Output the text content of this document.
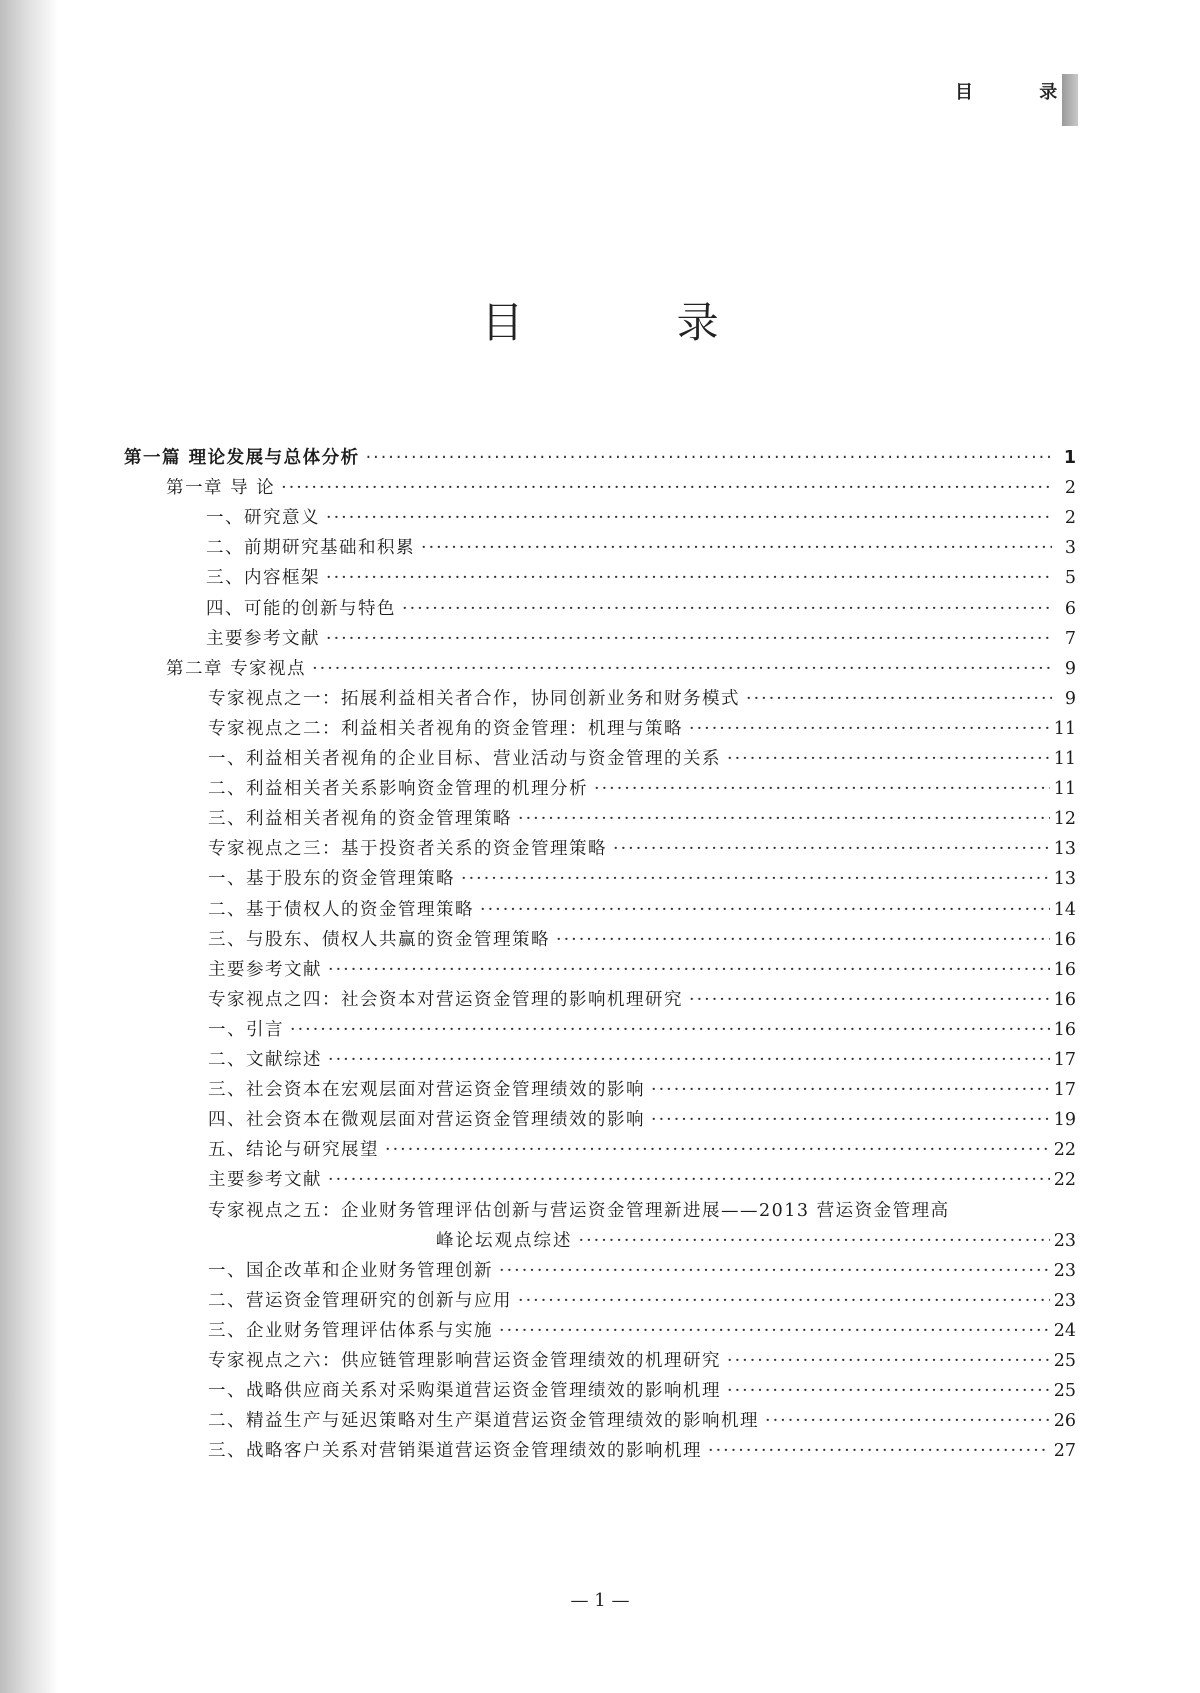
目 录
目 录
第一篇 理论发展与总体分析 ·····	1
第一章 导 论 ·····	2
一、研究意义 ·····	2
二、前期研究基础和积累 ·····	3
三、内容框架 ·····	5
四、可能的创新与特色 ·····	6
主要参考文献 ·····	7
第二章 专家视点 ·····	9
专家视点之一：拓展利益相关者合作，协同创新业务和财务模式 ·····	9
专家视点之二：利益相关者视角的资金管理：机理与策略 ·····	11
一、利益相关者视角的企业目标、营业活动与资金管理的关系 ·····	11
二、利益相关者关系影响资金管理的机理分析 ·····	11
三、利益相关者视角的资金管理策略 ·····	12
专家视点之三：基于投资者关系的资金管理策略 ·····	13
一、基于股东的资金管理策略 ·····	13
二、基于债权人的资金管理策略 ·····	14
三、与股东、债权人共赢的资金管理策略 ·····	16
主要参考文献 ·····	16
专家视点之四：社会资本对营运资金管理的影响机理研究 ·····	16
一、引言 ·····	16
二、文献综述 ·····	17
三、社会资本在宏观层面对营运资金管理绩效的影响 ·····	17
四、社会资本在微观层面对营运资金管理绩效的影响 ·····	19
五、结论与研究展望 ·····	22
主要参考文献 ·····	22
专家视点之五：企业财务管理评估创新与营运资金管理新进展——2013 营运资金管理高
峰论坛观点综述 ·····	23
一、国企改革和企业财务管理创新 ·····	23
二、营运资金管理研究的创新与应用 ·····	23
三、企业财务管理评估体系与实施 ·····	24
专家视点之六：供应链管理影响营运资金管理绩效的机理研究 ·····	25
一、战略供应商关系对采购渠道营运资金管理绩效的影响机理 ·····	25
二、精益生产与延迟策略对生产渠道营运资金管理绩效的影响机理 ·····	26
三、战略客户关系对营销渠道营运资金管理绩效的影响机理 ·····	27
— 1 —
